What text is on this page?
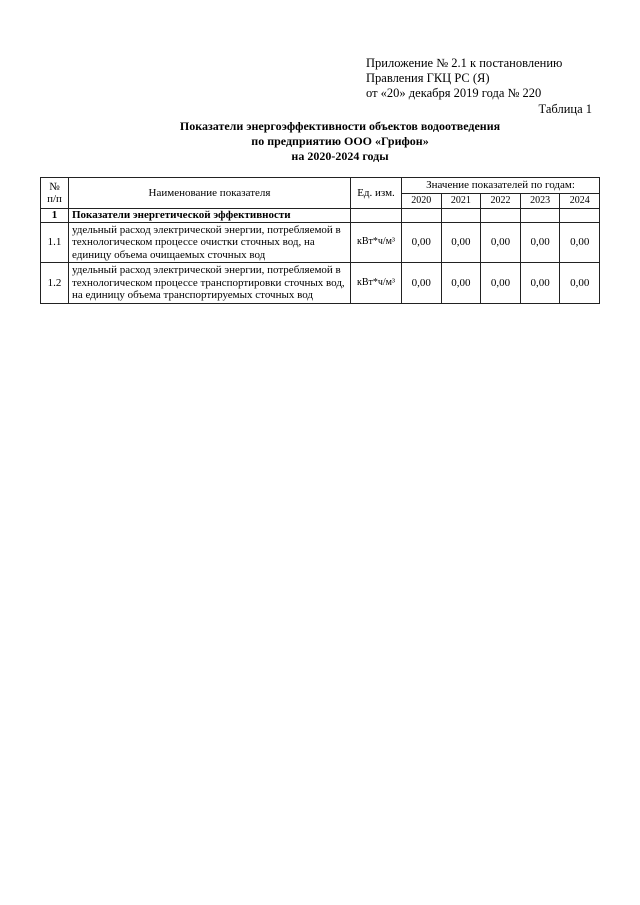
Приложение № 2.1 к постановлению
Правления ГКЦ РС (Я)
от «20» декабря 2019 года № 220
Таблица 1
Показатели энергоэффективности объектов водоотведения
по предприятию ООО «Грифон»
на 2020-2024 годы
№ п/п	Наименование показателя	Ед. изм.	Значение показателей по годам:				
			2020	2021	2022	2023	2024
1	Показатели энергетической эффективности						
1.1	удельный расход электрической энергии, потребляемой в технологическом процессе очистки сточных вод, на единицу объема очищаемых сточных вод	кВт*ч/м³	0,00	0,00	0,00	0,00	0,00
1.2	удельный расход электрической энергии, потребляемой в технологическом процессе транспортировки сточных вод, на единицу объема транспортируемых сточных вод	кВт*ч/м³	0,00	0,00	0,00	0,00	0,00
